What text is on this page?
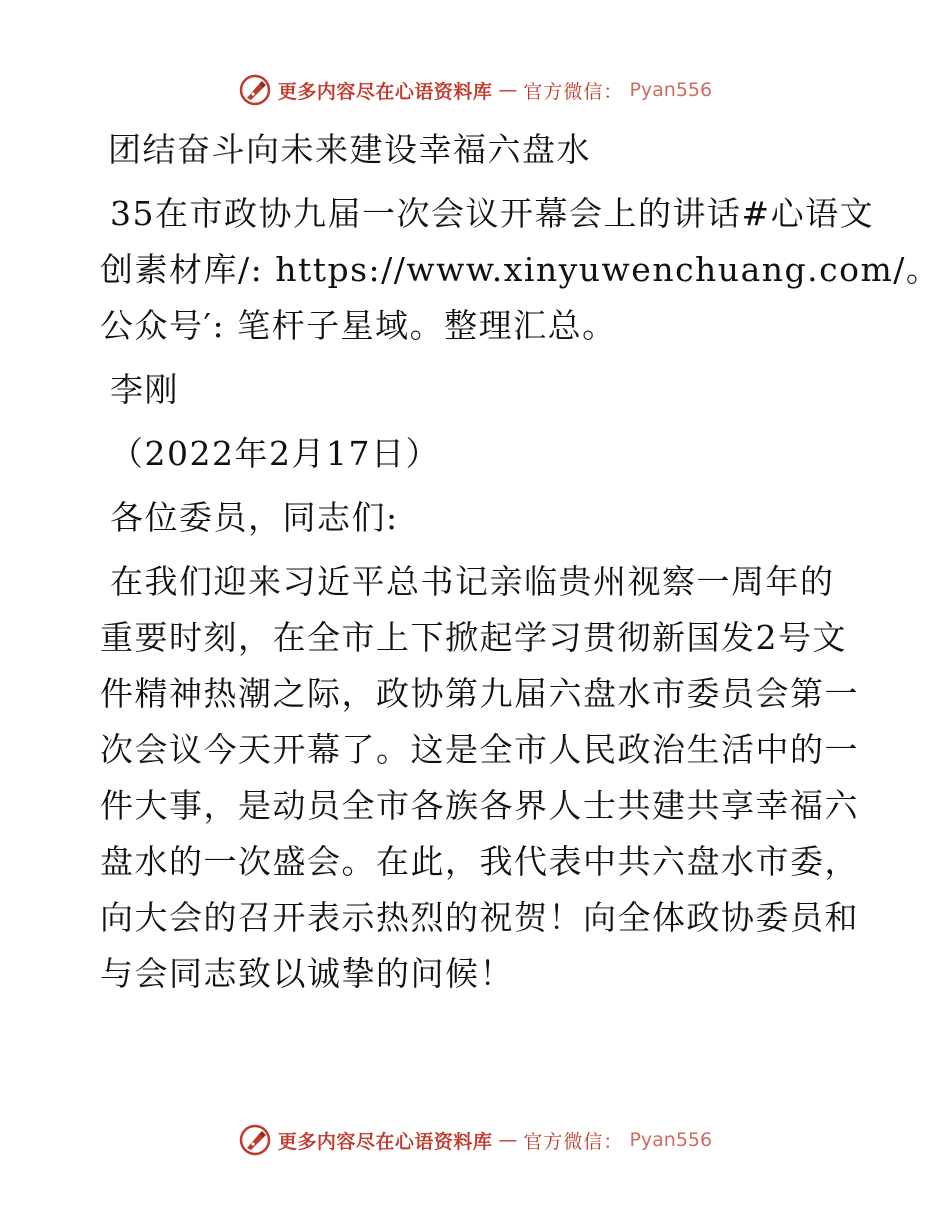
更多内容尽在心语资料库 — 官方微信： Pyan556

团结奋斗向未来建设幸福六盘水

35在市政协九届一次会议开幕会上的讲话#心语文

创素材库/: https://www.xinyuwenchuang.com/。

公众号′: 笔杆子星域。整理汇总。

李刚

（2022年2月17日）

各位委员，同志们:

在我们迎来习近平总书记亲临贵州视察一周年的

重要时刻，在全市上下掀起学习贯彻新国发2号文

件精神热潮之际，政协第九届六盘水市委员会第一

次会议今天开幕了。这是全市人民政治生活中的一

件大事，是动员全市各族各界人士共建共享幸福六

盘水的一次盛会。在此，我代表中共六盘水市委，

向大会的召开表示热烈的祝贺！向全体政协委员和

与会同志致以诚挚的问候！

更多内容尽在心语资料库 — 官方微信： Pyan556
